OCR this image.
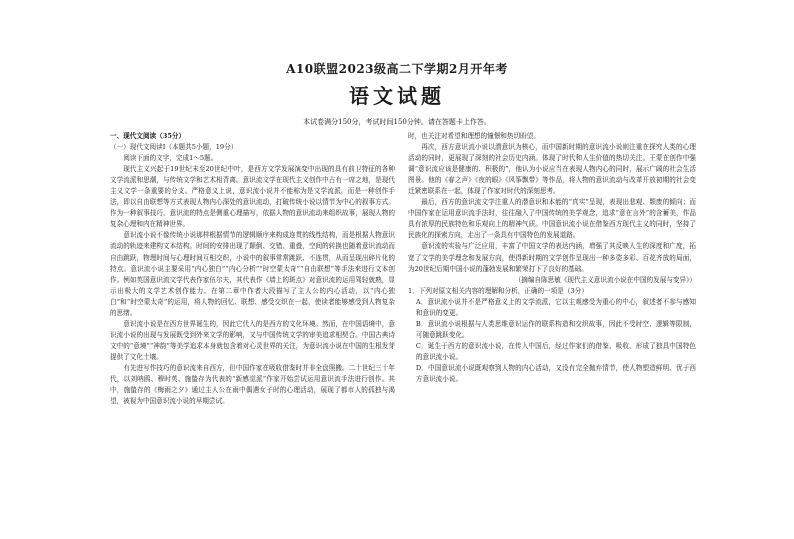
A10联盟2023级高二下学期2月开年考
语文试题
本试卷满分150分，考试时间150分钟。请在答题卡上作答。

一、现代文阅读（35分）

（一）现代文阅读Ⅰ（本题共5小题，19分）

阅读下面的文字，完成1～5题。

现代主义兴起于19世纪末至20世纪中叶，是西方文学发展演变中出现的具有前卫特征的各种文学流派和思潮，与传统文学和艺术相背离。意识流文学在现代主义创作中占有一席之地，是现代主义文学一条重要的分支。严格意义上说，意识流小说并不能称为是文学流派，而是一种创作手法，即以自由联想等方式表现人物内心深处的意识流动，打破传统小说以情节为中心的叙事方式。作为一种叙事技巧，意识流的特点是侧重心理描写，依据人物的意识流动来组织故事，展现人物的复杂心理和内在精神世界。

意识流小说不像传统小说那样根据情节的逻辑顺序来构成连贯的线性结构，而是根据人物意识流动的轨迹来建构文本结构。时间的安排出现了颠倒、交错、重叠，空间的转换也随着意识流动而自由跳跃，物理时间与心理时间互相交织，小说中的叙事常常跳跃、不连贯，从而呈现出碎片化的特点。意识流小说主要采用“内心独白”“内心分析”“时空蒙太奇”“自由联想”等手法来进行文本创作。例如英国意识流文学代表作家伍尔夫，其代表作《墙上的斑点》对意识流的运用驾轻就熟，显示出极大的文学艺术创作能力。在第二章中作者大段描写了主人公的内心活动，以“内心独白”和“时空蒙太奇”的运用，将人物的回忆、联想、感受交织在一起，使读者能够感受到人物复杂的思绪。

意识流小说是在西方世界诞生的，因此它代入的是西方的文化环境。然而，在中国语境中，意识流小说的出现与发展既受到外来文学的影响，又与中国传统文学的审美追求相契合。中国古典诗文中的“意境”“神韵”等美学追求本身就包含着对心灵世界的关注，为意识流小说在中国的生根发芽提供了文化土壤。

有先进写作技巧的意识流来自西方，但中国作家在吸收借鉴时并非全盘照搬。二十世纪三十年代，以刘呐鸥、穆时英、施蛰存为代表的“新感觉派”作家开始尝试运用意识流手法进行创作。其中，施蛰存的《梅雨之夕》通过主人公在雨中偶遇女子时的心理活动，展现了都市人的孤独与渴望，被视为中国意识流小说的早期尝试。

时，也关注对希望和理想的憧憬和热切盼望。

再次，西方意识流小说以潜意识为核心，而中国新时期的意识流小说则注重在探究人类的心理活动的同时，更展现了深刻的社会历史内涵。体现了时代和人生价值的热切关注。王蒙在创作中强调“意识流应该是健康的、积极的”，他认为小说应当在表现人物内心的同时，展示广阔的社会生活图景。他的《春之声》《夜的眼》《风筝飘带》等作品，将人物的意识流动与改革开放初期的社会变迁紧密联系在一起，体现了作家对时代的深刻思考。

最后，西方的意识流文学注重人的潜意识和本能的“真实”呈现，表现出悲观、颓废的倾向；而中国作家在运用意识流手法时，往往融入了中国传统的美学观念，追求“意在言外”的含蓄美，作品具有浓厚的民族特色和乐观向上的精神气质。中国意识流小说在借鉴西方现代主义的同时，坚持了民族化的探索方向，走出了一条具有中国特色的发展道路。

意识流的实验与广泛应用，丰富了中国文学的表达内涵，增强了其反映人生的深度和广度，拓宽了文学的美学理念和发展方向，使得新时期的文学创作呈现出一种多姿多彩、百花齐放的局面，为20世纪后期中国小说的蓬勃发展和繁荣打下了良好的基础。

（摘编自陈思敏《现代主义意识流小说在中国的发展与变异》）

1．下列对原文相关内容的理解和分析，正确的一项是（3分）

A．意识流小说并不是严格意义上的文学流派，它以主观感受为重心的中心，叙述者不参与感知和意识的变更。

B．意识流小说根据与人类思维意识运作的联系构造和交织故事，因此不受时空、逻辑等限制，可随意跳跃变化。

C．诞生于西方的意识流小说，在传入中国后，经过作家们的借鉴、吸收、形成了独具中国特色的意识流小说。

D．中国意识流小说既观察到人物的内心活动，又没有完全抛弃情节，使人物塑造鲜明、优于西方意识流小说。
